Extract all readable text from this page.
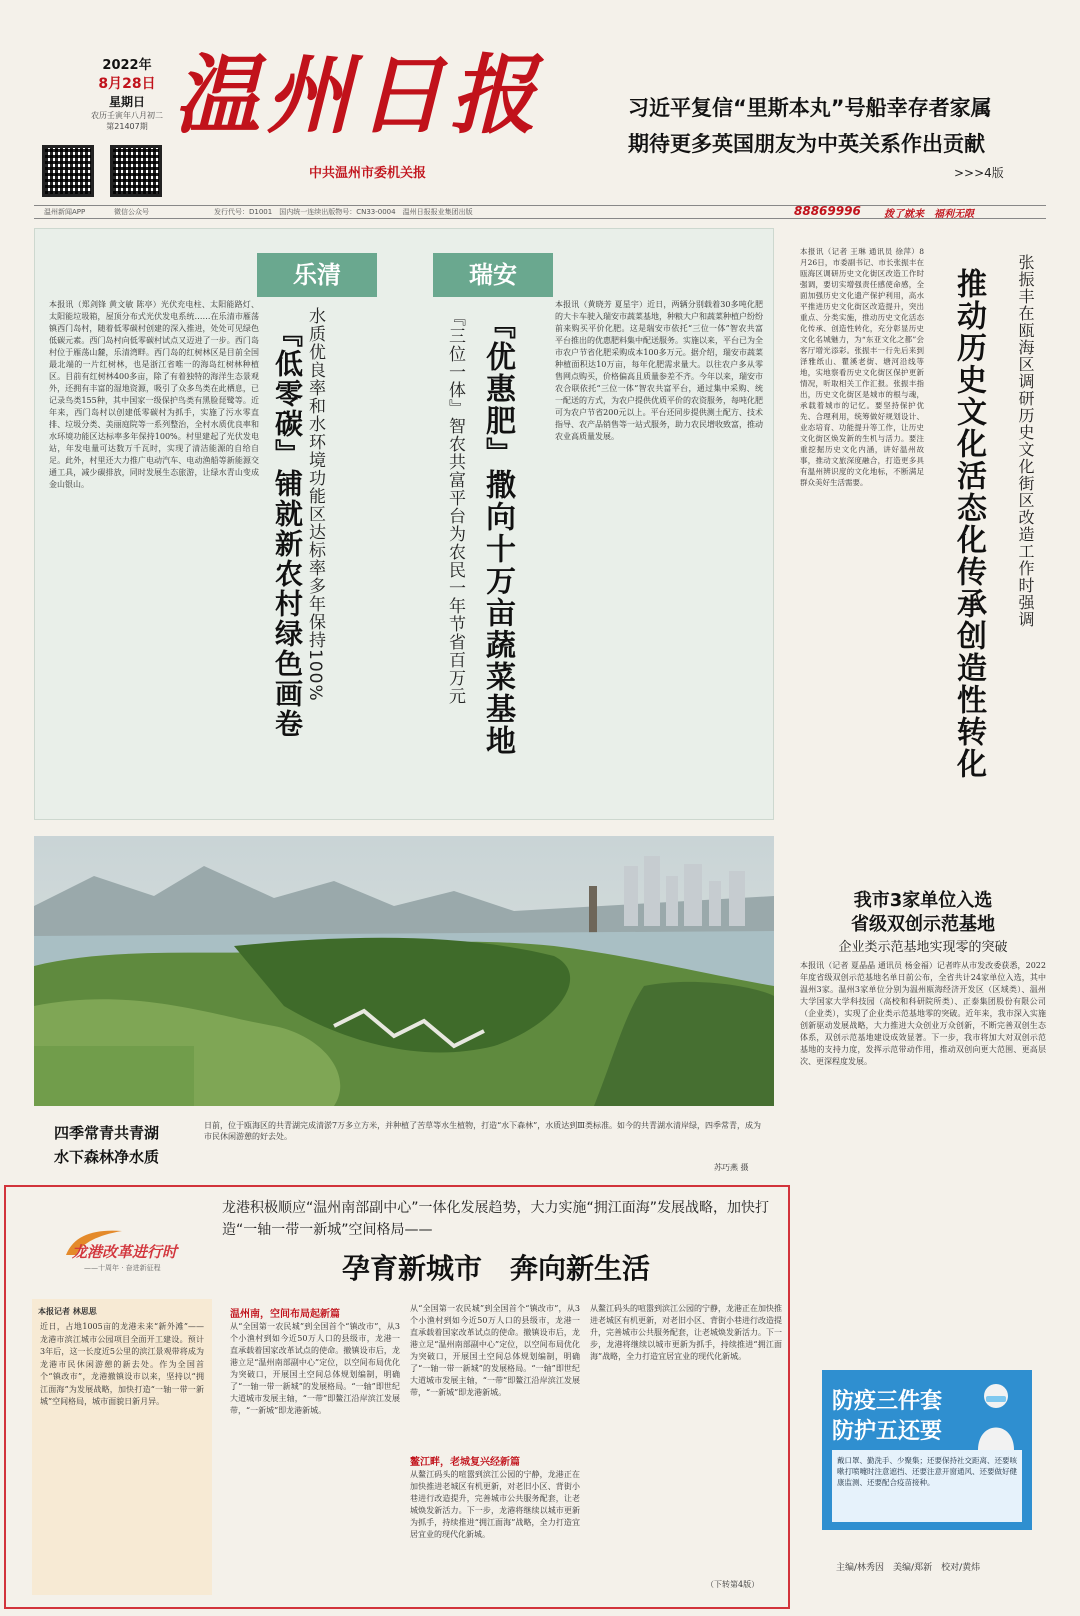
2022年
8月28日
星期日
农历壬寅年八月初二
第21407期 温州日报
中共温州市委机关报
习近平复信“里斯本丸”号船幸存者家属
期待更多英国朋友为中英关系作出贡献
>>>4版
发行代号：D1001　国内统一连续出版物号：CN33-0004　温州日报报业集团出版
温州新闻APP	微信公众号	88869996 拨了就来　福利无限
乐清
本报讯（郑剑锋 黄文敏 陈亭）光伏充电柱、太阳能路灯、太阳能垃圾箱，屋顶分布式光伏发电系统……在乐清市雁荡镇西门岛村，随着低零碳村创建的深入推进，处处可见绿色低碳元素。西门岛村向低零碳村试点又迈进了一步。西门岛村位于雁荡山麓，乐清湾畔。西门岛的红树林区是目前全国最北端的一片红树林，也是浙江省唯一的海岛红树林种植区。目前有红树林400多亩，除了有着独特的海洋生态景观外，还拥有丰富的湿地资源，吸引了众多鸟类在此栖息，已记录鸟类155种，其中国家一级保护鸟类有黑脸琵鹭等。近年来，西门岛村以创建低零碳村为抓手，实施了污水零直排、垃圾分类、美丽庭院等一系列整治，全村水质优良率和水环境功能区达标率多年保持100%。村里建起了光伏发电站，年发电量可达数万千瓦时，实现了清洁能源的自给自足。此外，村里还大力推广电动汽车、电动渔船等新能源交通工具，减少碳排放，同时发展生态旅游，让绿水青山变成金山银山。	水质优良率和水环境功能区达标率多年保持100%
『低零碳』铺就新农村绿色画卷
瑞安
『优惠肥』撒向十万亩蔬菜基地
『三位一体』智农共富平台为农民一年节省百万元
本报讯（黄晓芳 夏星宇）近日，两辆分别载着30多吨化肥的大卡车驶入瑞安市蔬菜基地，种粮大户和蔬菜种植户纷纷前来购买平价化肥。这是瑞安市依托“三位一体”智农共富平台推出的优惠肥料集中配送服务。实施以来，平台已为全市农户节省化肥采购成本100多万元。据介绍，瑞安市蔬菜种植面积达10万亩，每年化肥需求量大。以往农户多从零售网点购买，价格偏高且质量参差不齐。今年以来，瑞安市农合联依托“三位一体”智农共富平台，通过集中采购、统一配送的方式，为农户提供优质平价的农资服务，每吨化肥可为农户节省200元以上。平台还同步提供测土配方、技术指导、农产品销售等一站式服务，助力农民增收致富，推动农业高质量发展。	张振丰在瓯海区调研历史文化街区改造工作时强调
推动历史文化活态化传承创造性转化
本报讯（记者 王琳 通讯员 徐萍）8月26日，市委副书记、市长张振丰在瓯海区调研历史文化街区改造工作时强调，要切实增强责任感使命感，全面加强历史文化遗产保护利用，高水平推进历史文化街区改造提升，突出重点、分类实施，推动历史文化活态化传承、创造性转化，充分彰显历史文化名城魅力，为“东亚文化之都”会客厅增光添彩。张振丰一行先后来到泽雅纸山、瞿溪老街、塘河沿线等地，实地察看历史文化街区保护更新情况，听取相关工作汇报。张振丰指出，历史文化街区是城市的根与魂，承载着城市的记忆。要坚持保护优先、合理利用，统筹做好规划设计、业态培育、功能提升等工作，让历史文化街区焕发新的生机与活力。要注重挖掘历史文化内涵，讲好温州故事，推动文旅深度融合，打造更多具有温州辨识度的文化地标，不断满足群众美好生活需要。
四季常青共青湖
水下森林净水质
日前，位于瓯海区的共青湖完成清淤7万多立方米，并种植了苦草等水生植物，打造“水下森林”，水质达到Ⅲ类标准。如今的共青湖水清岸绿，四季常青，成为市民休闲游憩的好去处。
苏巧燕 摄
我市3家单位入选
省级双创示范基地
企业类示范基地实现零的突破
本报讯（记者 夏晶晶 通讯员 杨金福）记者昨从市发改委获悉，2022年度省级双创示范基地名单日前公布，全省共计24家单位入选，其中温州3家。温州3家单位分别为温州瓯海经济开发区（区域类）、温州大学国家大学科技园（高校和科研院所类）、正泰集团股份有限公司（企业类），实现了企业类示范基地零的突破。近年来，我市深入实施创新驱动发展战略，大力推进大众创业万众创新，不断完善双创生态体系，双创示范基地建设成效显著。下一步，我市将加大对双创示范基地的支持力度，发挥示范带动作用，推动双创向更大范围、更高层次、更深程度发展。
防疫三件套
防护五还要
戴口罩、勤洗手、少聚集；还要保持社交距离、还要咳嗽打喷嚏时注意遮挡、还要注意开窗通风、还要做好健康监测、还要配合疫苗接种。
主编/林秀因　美编/郑新　校对/黄炜
龙港改革进行时
——十周年 · 奋进新征程
龙港积极顺应“温州南部副中心”一体化发展趋势，大力实施“拥江面海”发展战略，加快打造“一轴一带一新城”空间格局——
孕育新城市　奔向新生活
本报记者 林思思
近日，占地1005亩的龙港未来“新外滩”——龙港市滨江城市公园项目全面开工建设。预计3年后，这一长度近5公里的滨江景观带将成为龙港市民休闲游憩的新去处。作为全国首个“镇改市”，龙港撤镇设市以来，坚持以“拥江面海”为发展战略，加快打造“一轴一带一新城”空间格局，城市面貌日新月异。
温州南，空间布局起新篇
从“全国第一农民城”到全国首个“镇改市”，从3个小渔村到如今近50万人口的县级市，龙港一直承载着国家改革试点的使命。撤镇设市后，龙港立足“温州南部副中心”定位，以空间布局优化为突破口，开展国土空间总体规划编制，明确了“一轴一带一新城”的发展格局。“一轴”即世纪大道城市发展主轴，“一带”即鳌江沿岸滨江发展带，“一新城”即龙港新城。
从“全国第一农民城”到全国首个“镇改市”，从3个小渔村到如今近50万人口的县级市，龙港一直承载着国家改革试点的使命。撤镇设市后，龙港立足“温州南部副中心”定位，以空间布局优化为突破口，开展国土空间总体规划编制，明确了“一轴一带一新城”的发展格局。“一轴”即世纪大道城市发展主轴，“一带”即鳌江沿岸滨江发展带，“一新城”即龙港新城。
鳌江畔，老城复兴经新篇
从鳌江码头的喧嚣到滨江公园的宁静，龙港正在加快推进老城区有机更新，对老旧小区、背街小巷进行改造提升，完善城市公共服务配套，让老城焕发新活力。下一步，龙港将继续以城市更新为抓手，持续推进“拥江面海”战略，全力打造宜居宜业的现代化新城。
从鳌江码头的喧嚣到滨江公园的宁静，龙港正在加快推进老城区有机更新，对老旧小区、背街小巷进行改造提升，完善城市公共服务配套，让老城焕发新活力。下一步，龙港将继续以城市更新为抓手，持续推进“拥江面海”战略，全力打造宜居宜业的现代化新城。
（下转第4版）
